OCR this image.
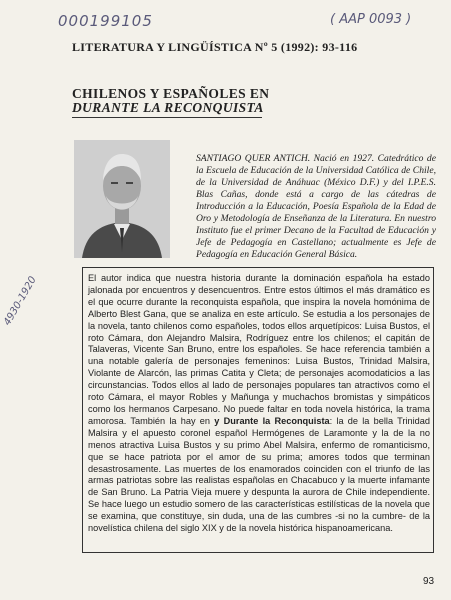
000199105	( AAP 0093 )
4930-1920
LITERATURA Y LINGÜÍSTICA Nº 5 (1992): 93-116
CHILENOS Y ESPAÑOLES EN
DURANTE LA RECONQUISTA
SANTIAGO QUER ANTICH. Nació en 1927. Catedrático de la Escuela de Educación de la Universidad Católica de Chile, de la Universidad de Anáhuac (México D.F.) y del I.P.E.S. Blas Cañas, donde está a cargo de las cátedras de Introducción a la Educación, Poesía Española de la Edad de Oro y Metodología de Enseñanza de la Literatura. En nuestro Instituto fue el primer Decano de la Facultad de Educación y Jefe de Pedagogía en Castellano; actualmente es Jefe de Pedagogía en Educación General Básica.
El autor indica que nuestra historia durante la dominación española ha estado jalonada por encuentros y desencuentros. Entre estos últimos el más dramático es el que ocurre durante la reconquista española, que inspira la novela homónima de Alberto Blest Gana, que se analiza en este artículo. Se estudia a los personajes de la novela, tanto chilenos como españoles, todos ellos arquetípicos: Luisa Bustos, el roto Cámara, don Alejandro Malsira, Rodríguez entre los chilenos; el capitán de Talaveras, Vicente San Bruno, entre los españoles. Se hace referencia también a una notable galería de personajes femeninos: Luisa Bustos, Trinidad Malsira, Violante de Alarcón, las primas Catita y Cleta; de personajes acomodaticios a las circunstancias. Todos ellos al lado de personajes populares tan atractivos como el roto Cámara, el mayor Robles y Mañunga y muchachos bromistas y simpáticos como los hermanos Carpesano. No puede faltar en toda novela histórica, la trama amorosa. También la hay en y Durante la Reconquista: la de la bella Trinidad Malsira y el apuesto coronel español Hermógenes de Laramonte y la de la no menos atractiva Luisa Bustos y su primo Abel Malsira, enfermo de romanticismo, que se hace patriota por el amor de su prima; amores todos que terminan desastrosamente. Las muertes de los enamorados coinciden con el triunfo de las armas patriotas sobre las realistas españolas en Chacabuco y la muerte infamante de San Bruno. La Patria Vieja muere y despunta la aurora de Chile independiente. Se hace luego un estudio somero de las características estilísticas de la novela que se examina, que constituye, sin duda, una de las cumbres -si no la cumbre- de la novelística chilena del siglo XIX y de la novela histórica hispanoamericana.
93
